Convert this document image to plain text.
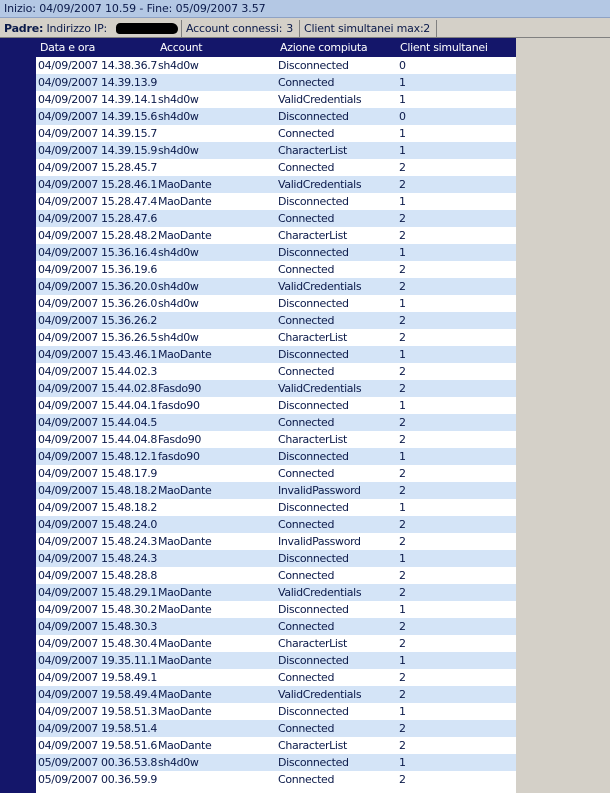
Inizio: 04/09/2007 10.59 - Fine: 05/09/2007 3.57
Padre: Indirizzo IP:	Account connessi: 3	Client simultanei max: 2
Data e ora	Account	Azione compiuta	Client simultanei
04/09/2007 14.38.36.7 sh4d0w	Disconnected	0
04/09/2007 14.39.13.9	Connected	1
04/09/2007 14.39.14.1 sh4d0w	ValidCredentials	1
04/09/2007 14.39.15.6 sh4d0w	Disconnected	0
04/09/2007 14.39.15.7	Connected	1
04/09/2007 14.39.15.9 sh4d0w	CharacterList	1
04/09/2007 15.28.45.7	Connected	2
04/09/2007 15.28.46.1 MaoDante	ValidCredentials	2
04/09/2007 15.28.47.4 MaoDante	Disconnected	1
04/09/2007 15.28.47.6	Connected	2
04/09/2007 15.28.48.2 MaoDante	CharacterList	2
04/09/2007 15.36.16.4 sh4d0w	Disconnected	1
04/09/2007 15.36.19.6	Connected	2
04/09/2007 15.36.20.0 sh4d0w	ValidCredentials	2
04/09/2007 15.36.26.0 sh4d0w	Disconnected	1
04/09/2007 15.36.26.2	Connected	2
04/09/2007 15.36.26.5 sh4d0w	CharacterList	2
04/09/2007 15.43.46.1 MaoDante	Disconnected	1
04/09/2007 15.44.02.3	Connected	2
04/09/2007 15.44.02.8 Fasdo90	ValidCredentials	2
04/09/2007 15.44.04.1 fasdo90	Disconnected	1
04/09/2007 15.44.04.5	Connected	2
04/09/2007 15.44.04.8 Fasdo90	CharacterList	2
04/09/2007 15.48.12.1 fasdo90	Disconnected	1
04/09/2007 15.48.17.9	Connected	2
04/09/2007 15.48.18.2 MaoDante	InvalidPassword	2
04/09/2007 15.48.18.2	Disconnected	1
04/09/2007 15.48.24.0	Connected	2
04/09/2007 15.48.24.3 MaoDante	InvalidPassword	2
04/09/2007 15.48.24.3	Disconnected	1
04/09/2007 15.48.28.8	Connected	2
04/09/2007 15.48.29.1 MaoDante	ValidCredentials	2
04/09/2007 15.48.30.2 MaoDante	Disconnected	1
04/09/2007 15.48.30.3	Connected	2
04/09/2007 15.48.30.4 MaoDante	CharacterList	2
04/09/2007 19.35.11.1 MaoDante	Disconnected	1
04/09/2007 19.58.49.1	Connected	2
04/09/2007 19.58.49.4 MaoDante	ValidCredentials	2
04/09/2007 19.58.51.3 MaoDante	Disconnected	1
04/09/2007 19.58.51.4	Connected	2
04/09/2007 19.58.51.6 MaoDante	CharacterList	2
05/09/2007 00.36.53.8 sh4d0w	Disconnected	1
05/09/2007 00.36.59.9	Connected	2
